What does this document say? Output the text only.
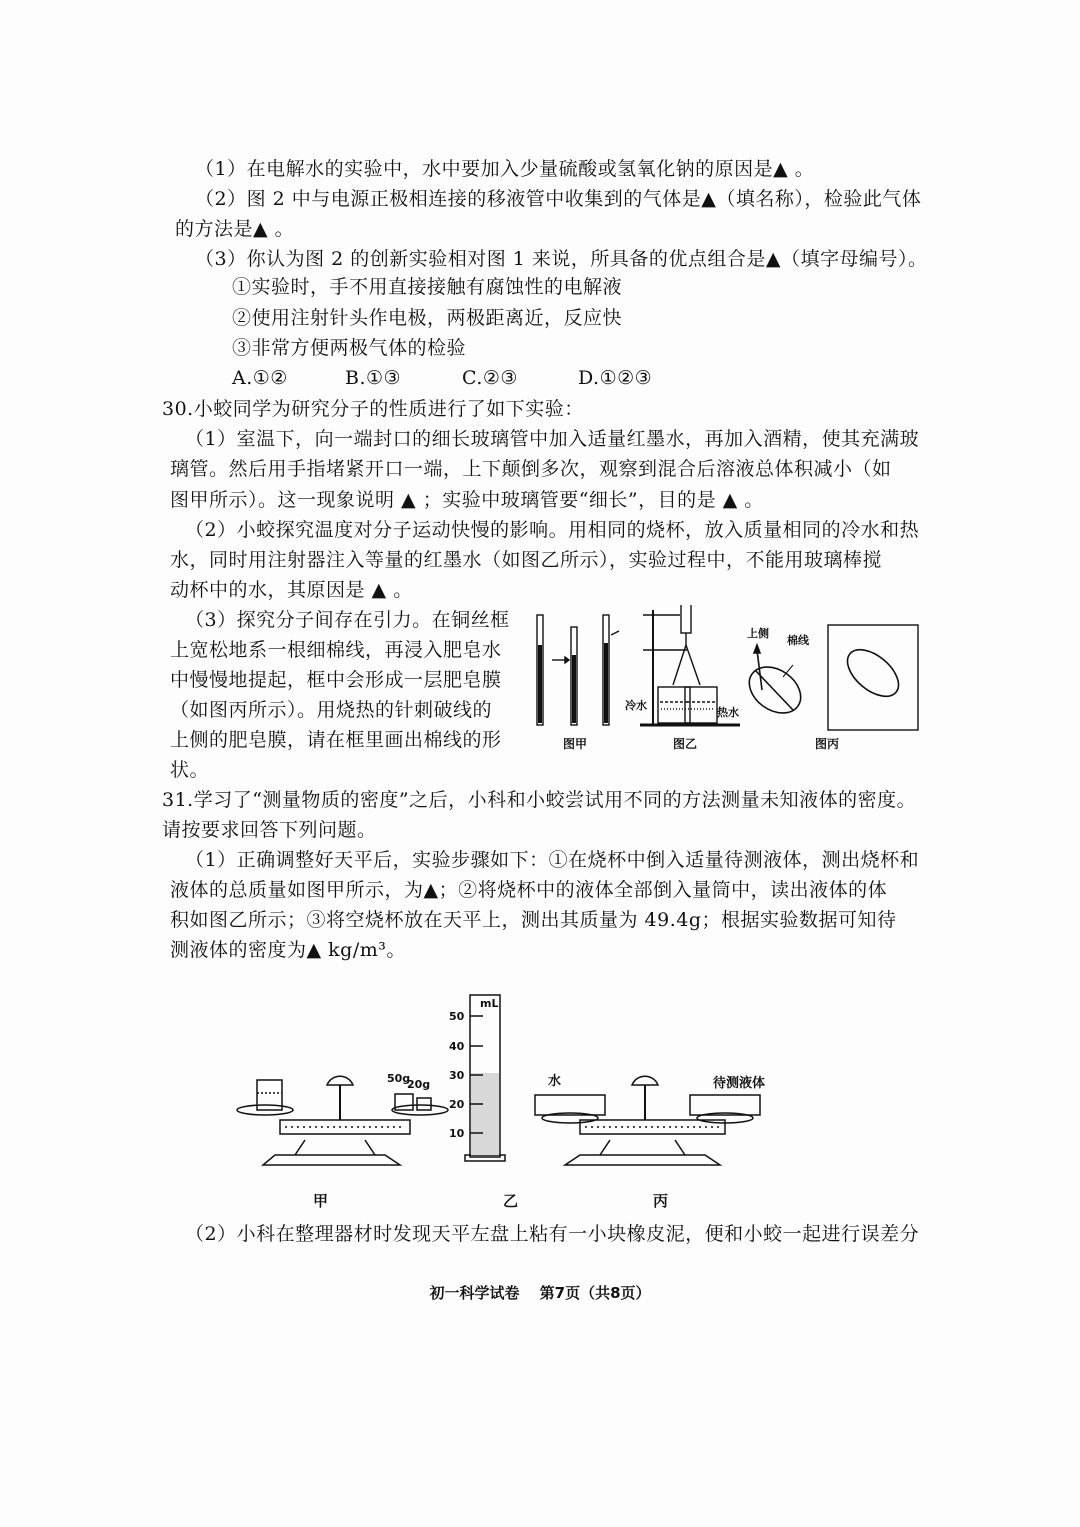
（1）在电解水的实验中，水中要加入少量硫酸或氢氧化钠的原因是▲ 。
（2）图 2 中与电源正极相连接的移液管中收集到的气体是▲（填名称），检验此气体
的方法是▲ 。
（3）你认为图 2 的创新实验相对图 1 来说，所具备的优点组合是▲（填字母编号）。
①实验时，手不用直接接触有腐蚀性的电解液
②使用注射针头作电极，两极距离近，反应快
③非常方便两极气体的检验
A.①②	B.①③	C.②③	D.①②③
30.小蛟同学为研究分子的性质进行了如下实验：
（1）室温下，向一端封口的细长玻璃管中加入适量红墨水，再加入酒精，使其充满玻
璃管。然后用手指堵紧开口一端，上下颠倒多次，观察到混合后溶液总体积减小（如
图甲所示）。这一现象说明 ▲ ；实验中玻璃管要“细长”，目的是 ▲ 。
（2）小蛟探究温度对分子运动快慢的影响。用相同的烧杯，放入质量相同的冷水和热
水，同时用注射器注入等量的红墨水（如图乙所示），实验过程中，不能用玻璃棒搅
动杯中的水，其原因是 ▲ 。
（3）探究分子间存在引力。在铜丝框
上宽松地系一根细棉线，再浸入肥皂水
中慢慢地提起，框中会形成一层肥皂膜
（如图丙所示）。用烧热的针刺破线的
上侧的肥皂膜，请在框里画出棉线的形
状。
冷水
热水
上侧
棉线
图甲	图乙	图丙
31.学习了“测量物质的密度”之后，小科和小蛟尝试用不同的方法测量未知液体的密度。
请按要求回答下列问题。
（1）正确调整好天平后，实验步骤如下：①在烧杯中倒入适量待测液体，测出烧杯和
液体的总质量如图甲所示，为▲；②将烧杯中的液体全部倒入量筒中，读出液体的体
积如图乙所示；③将空烧杯放在天平上，测出其质量为 49.4g；根据实验数据可知待
测液体的密度为▲ kg/m³。
50g
20g
mL
50
40
30
20
10
水	待测液体
甲	乙	丙
（2）小科在整理器材时发现天平左盘上粘有一小块橡皮泥，便和小蛟一起进行误差分
初一科学试卷　 第7页（共8页）
